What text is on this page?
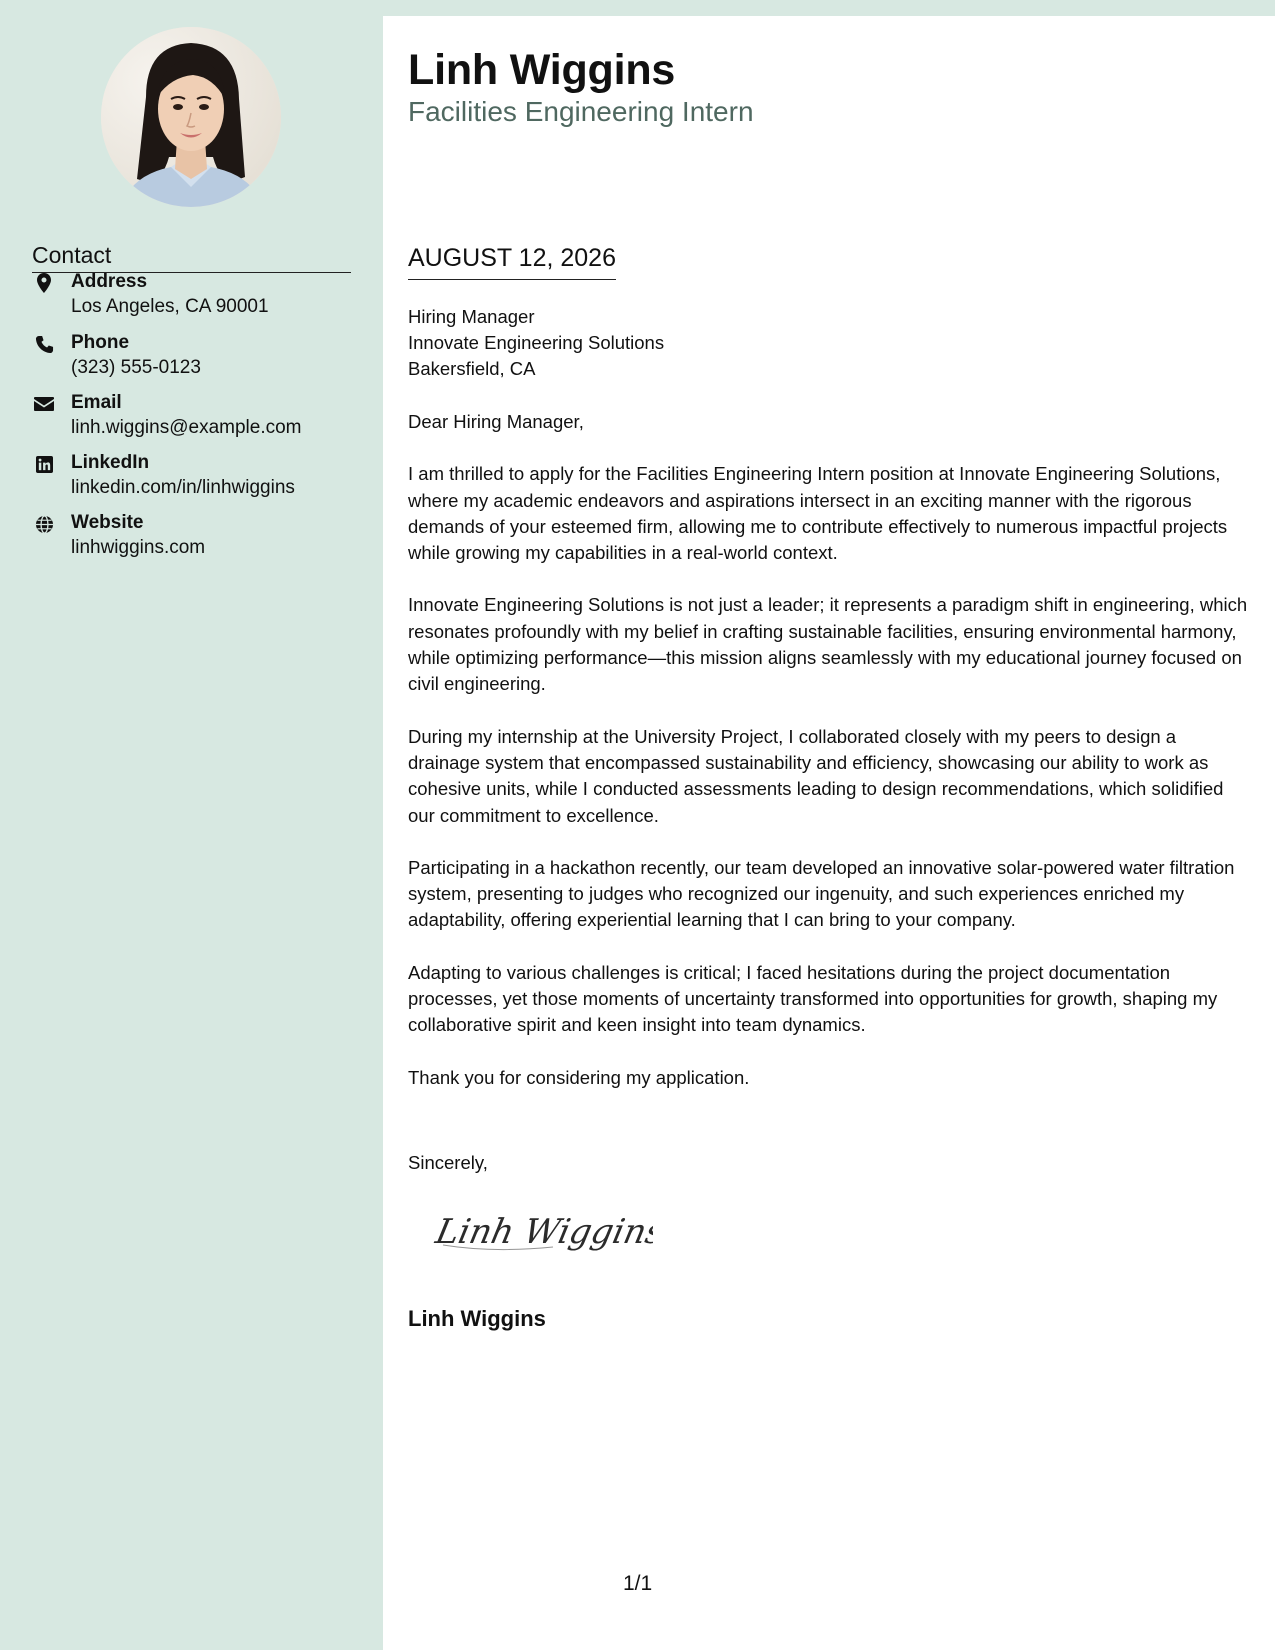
Contact
Address
Los Angeles, CA 90001
Phone
(323) 555-0123
Email
linh.wiggins@example.com
LinkedIn
linkedin.com/in/linhwiggins
Website
linhwiggins.com
Linh Wiggins
Facilities Engineering Intern
AUGUST 12, 2026
Hiring Manager
Innovate Engineering Solutions
Bakersfield, CA

Dear Hiring Manager,

I am thrilled to apply for the Facilities Engineering Intern position at Innovate Engineering Solutions, where my academic endeavors and aspirations intersect in an exciting manner with the rigorous demands of your esteemed firm, allowing me to contribute effectively to numerous impactful projects while growing my capabilities in a real-world context.

Innovate Engineering Solutions is not just a leader; it represents a paradigm shift in engineering, which resonates profoundly with my belief in crafting sustainable facilities, ensuring environmental harmony, while optimizing performance—this mission aligns seamlessly with my educational journey focused on civil engineering.

During my internship at the University Project, I collaborated closely with my peers to design a drainage system that encompassed sustainability and efficiency, showcasing our ability to work as cohesive units, while I conducted assessments leading to design recommendations, which solidified our commitment to excellence.

Participating in a hackathon recently, our team developed an innovative solar-powered water filtration system, presenting to judges who recognized our ingenuity, and such experiences enriched my adaptability, offering experiential learning that I can bring to your company.

Adapting to various challenges is critical; I faced hesitations during the project documentation processes, yet those moments of uncertainty transformed into opportunities for growth, shaping my collaborative spirit and keen insight into team dynamics.

Thank you for considering my application.

Sincerely,
Linh Wiggins
Linh Wiggins
1/1
